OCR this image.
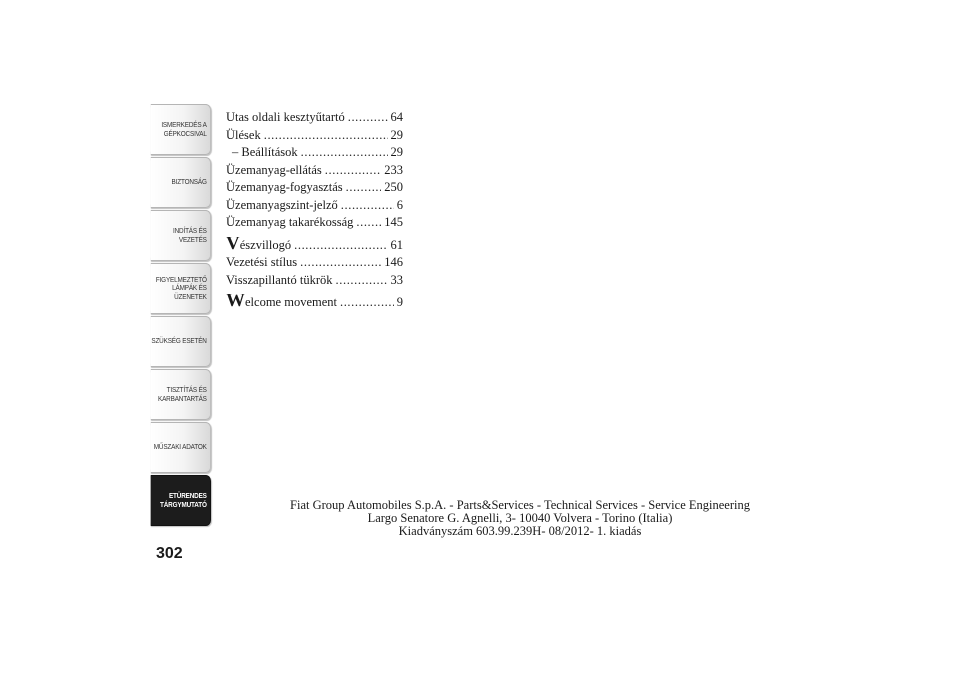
ISMERKEDÉS A
GÉPKOCSIVAL
BIZTONSÁG
INDÍTÁS ÉS
VEZETÉS
FIGYELMEZTETŐ
LÁMPÁK ÉS
ÜZENETEK
SZÜKSÉG ESETÉN
TISZTÍTÁS ÉS
KARBANTARTÁS
MŰSZAKI ADATOK
ETÜRENDES
TÁRGYMUTATÓ
302
Utas oldali kesztyűtartó .....	64
Ülések .....	29
– Beállítások .....	29
Üzemanyag-ellátás .....	233
Üzemanyag-fogyasztás .....	250
Üzemanyagszint-jelző .....	6
Üzemanyag takarékosság ..... 145
Vészvillogó .....	61
Vezetési stílus .....	146
Visszapillantó tükrök .....	33
Welcome movement .....	9
Fiat Group Automobiles S.p.A. - Parts&Services - Technical Services - Service Engineering
Largo Senatore G. Agnelli, 3- 10040 Volvera - Torino (Italia)
Kiadványszám 603.99.239H- 08/2012- 1. kiadás
